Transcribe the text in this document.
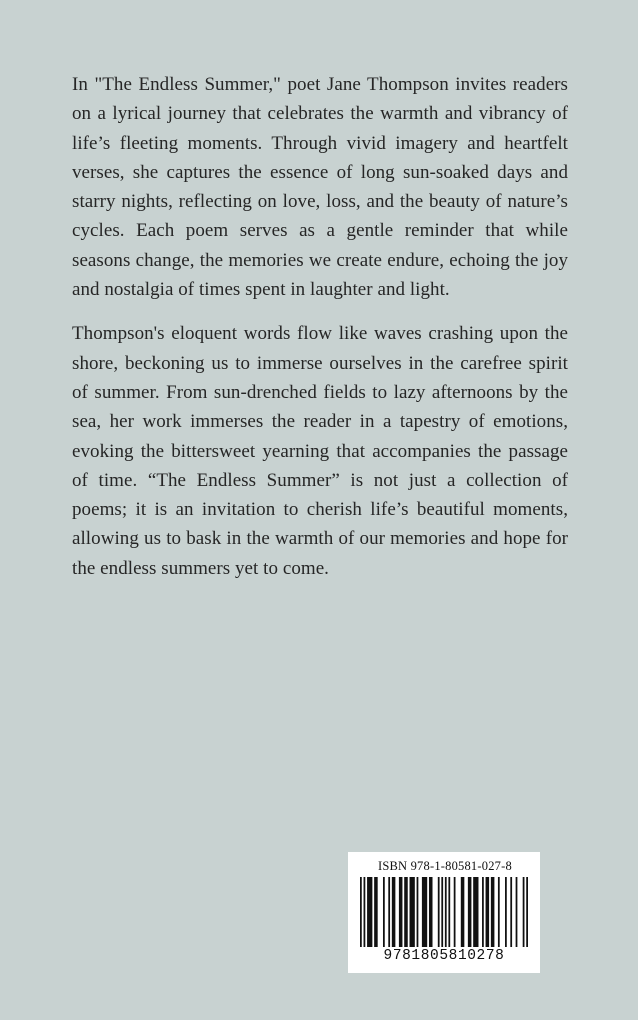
In "The Endless Summer," poet Jane Thompson invites readers on a lyrical journey that celebrates the warmth and vibrancy of life’s fleeting moments. Through vivid imagery and heartfelt verses, she captures the essence of long sun-soaked days and starry nights, reflecting on love, loss, and the beauty of nature’s cycles. Each poem serves as a gentle reminder that while seasons change, the memories we create endure, echoing the joy and nostalgia of times spent in laughter and light.

Thompson's eloquent words flow like waves crashing upon the shore, beckoning us to immerse ourselves in the carefree spirit of summer. From sun-drenched fields to lazy afternoons by the sea, her work immerses the reader in a tapestry of emotions, evoking the bittersweet yearning that accompanies the passage of time. “The Endless Summer” is not just a collection of poems; it is an invitation to cherish life’s beautiful moments, allowing us to bask in the warmth of our memories and hope for the endless summers yet to come.

ISBN 978-1-80581-027-8
9781805810278
